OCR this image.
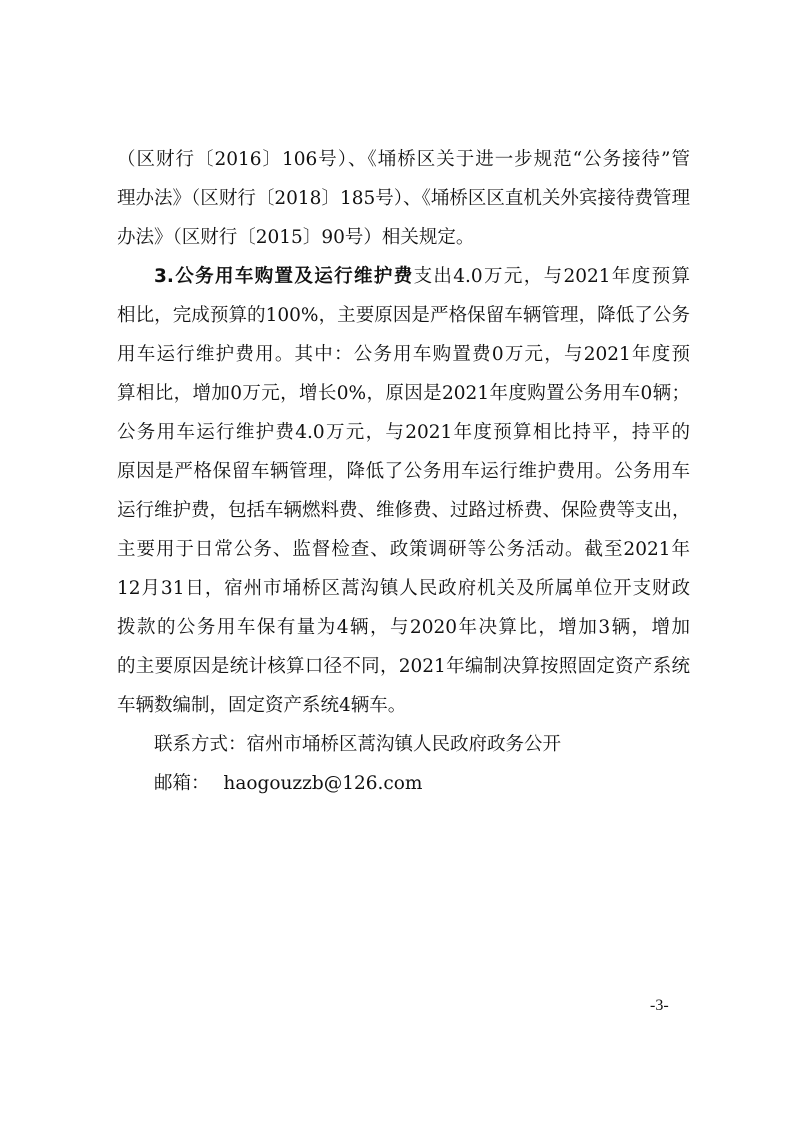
（区财行〔2016〕106号）、《埇桥区关于进一步规范“公务接待”管
理办法》（区财行〔2018〕185号）、《埇桥区区直机关外宾接待费管理
办法》（区财行〔2015〕90号）相关规定。
3.公务用车购置及运行维护费支出4.0万元，与2021年度预算
相比，完成预算的100%，主要原因是严格保留车辆管理，降低了公务
用车运行维护费用。其中：公务用车购置费0万元，与2021年度预
算相比，增加0万元，增长0%，原因是2021年度购置公务用车0辆；
公务用车运行维护费4.0万元，与2021年度预算相比持平，持平的
原因是严格保留车辆管理，降低了公务用车运行维护费用。公务用车
运行维护费，包括车辆燃料费、维修费、过路过桥费、保险费等支出，
主要用于日常公务、监督检查、政策调研等公务活动。截至2021年
12月31日，宿州市埇桥区蒿沟镇人民政府机关及所属单位开支财政
拨款的公务用车保有量为4辆，与2020年决算比，增加3辆，增加
的主要原因是统计核算口径不同，2021年编制决算按照固定资产系统
车辆数编制，固定资产系统4辆车。
联系方式：宿州市埇桥区蒿沟镇人民政府政务公开
邮箱： haogouzzb@126.com
-3-
